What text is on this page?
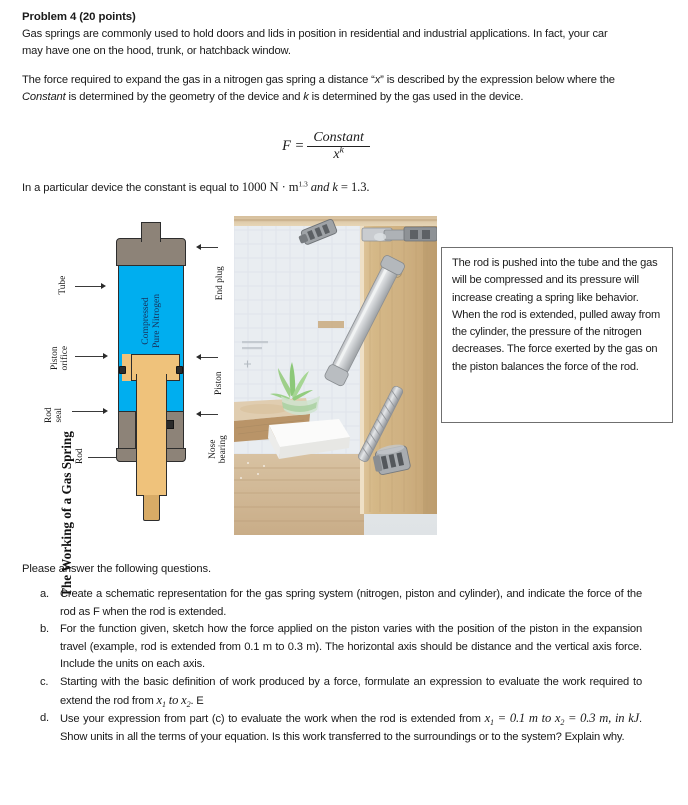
Problem 4 (20 points)

Gas springs are commonly used to hold doors and lids in position in residential and industrial applications. In fact, your car may have one on the hood, trunk, or hatchback window.

The force required to expand the gas in a nitrogen gas spring a distance “x” is described by the expression below where the Constant is determined by the geometry of the device and k is determined by the gas used in the device.

$F = \frac{\text{Constant}}{x^k}$
In a particular device the constant is equal to 1000 $N \cdot m^{1.3}$ and k = 1.3.
The Working of a Gas Spring
Tube
Piston
orifice
Rod
seal
Rod
Compressed
Pure Nitrogen
End plug
Piston
Nose
bearing
The rod is pushed into the tube and the gas will be compressed and its pressure will increase creating a spring like behavior. When the rod is extended, pulled away from the cylinder, the pressure of the nitrogen decreases. The force exerted by the gas on the piston balances the force of the rod.

Please answer the following questions.

a. Create a schematic representation for the gas spring system (nitrogen, piston and cylinder), and indicate the force of the rod as F when the rod is extended.
b. For the function given, sketch how the force applied on the piston varies with the position of the piston in the expansion travel (example, rod is extended from 0.1 m to 0.3 m). The horizontal axis should be distance and the vertical axis force. Include the units on each axis.
c.	Starting with the basic definition of work produced by a force, formulate an expression to evaluate the work required to extend the rod from $x_1$ to $x_2$. E
d. Use your expression from part (c) to evaluate the work when the rod is extended from $x_1 = 0.1$ m to $x_2 = 0.3$ m, in kJ. Show units in all the terms of your equation. Is this work transferred to the surroundings or to the system? Explain why.
